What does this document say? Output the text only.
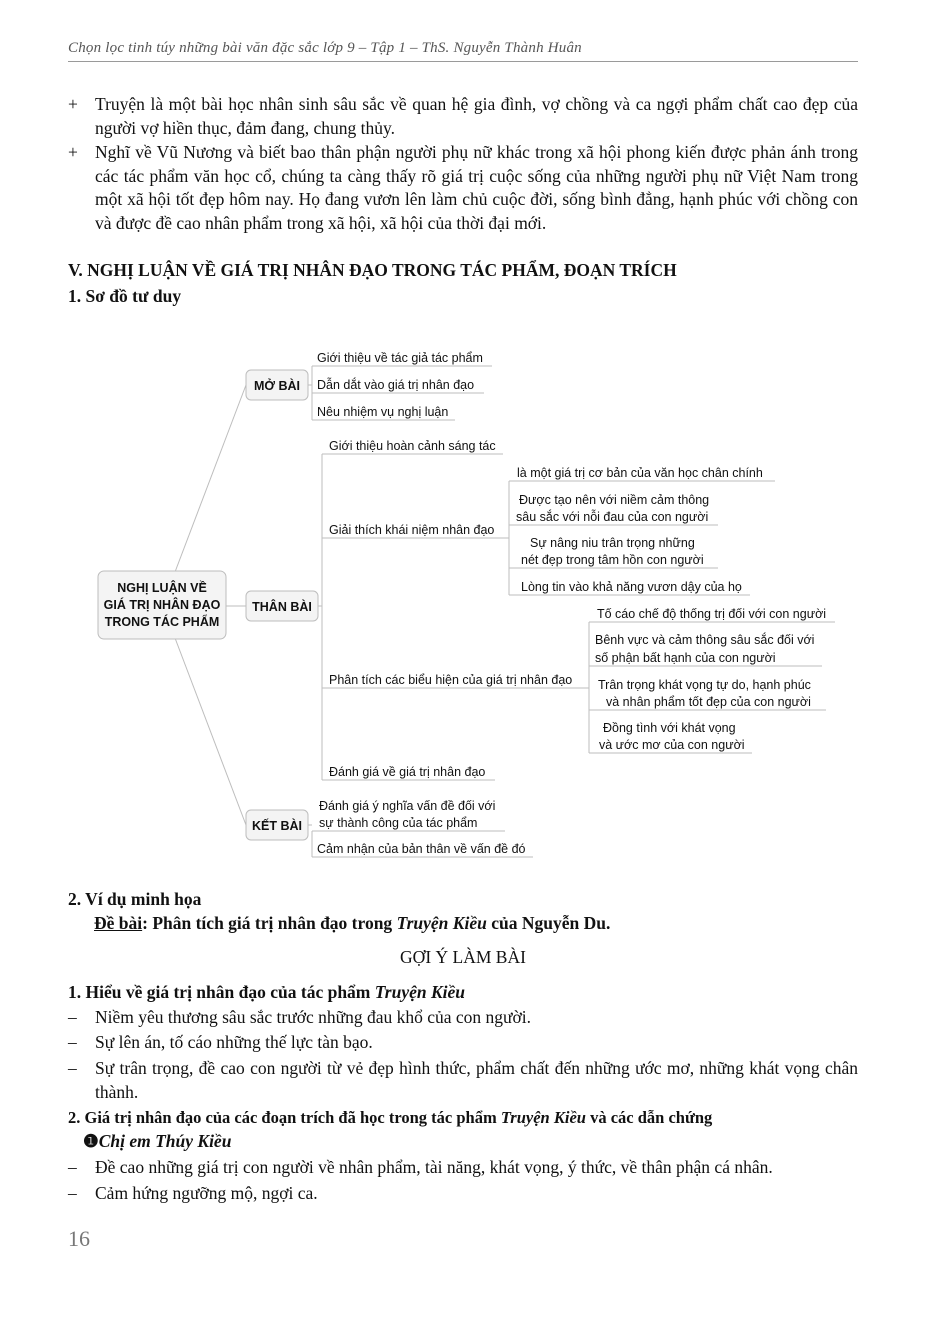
Chọn lọc tinh túy những bài văn đặc sắc lớp 9 – Tập 1 – ThS. Nguyễn Thành Huân
+ Truyện là một bài học nhân sinh sâu sắc về quan hệ gia đình, vợ chồng và ca ngợi phẩm chất cao đẹp của người vợ hiền thục, đảm đang, chung thủy.
+ Nghĩ về Vũ Nương và biết bao thân phận người phụ nữ khác trong xã hội phong kiến được phản ánh trong các tác phẩm văn học cổ, chúng ta càng thấy rõ giá trị cuộc sống của những người phụ nữ Việt Nam trong một xã hội tốt đẹp hôm nay. Họ đang vươn lên làm chủ cuộc đời, sống bình đẳng, hạnh phúc với chồng con và được đề cao nhân phẩm trong xã hội, xã hội của thời đại mới.
V. NGHỊ LUẬN VỀ GIÁ TRỊ NHÂN ĐẠO TRONG TÁC PHẨM, ĐOẠN TRÍCH
1. Sơ đồ tư duy
NGHỊ LUẬN VỀ
GIÁ TRỊ NHÂN ĐẠO
TRONG TÁC PHẨM
MỞ BÀI
THÂN BÀI
KẾT BÀI
Giới thiệu về tác giả tác phẩm
Dẫn dắt vào giá trị nhân đạo
Nêu nhiệm vụ nghị luận
Giới thiệu hoàn cảnh sáng tác
Giải thích khái niệm nhân đạo
Phân tích các biểu hiện của giá trị nhân đạo
Đánh giá về giá trị nhân đạo
là một giá trị cơ bản của văn học chân chính
Được tạo nên với niềm cảm thông
sâu sắc với nỗi đau của con người
Sự nâng niu trân trọng những
nét đẹp trong tâm hồn con người
Lòng tin vào khả năng vươn dậy của họ
Tố cáo chế độ thống trị đối với con người
Bênh vực và cảm thông sâu sắc đối với
số phận bất hạnh của con người
Trân trọng khát vọng tự do, hạnh phúc
và nhân phẩm tốt đẹp của con người
Đồng tình với khát vọng
và ước mơ của con người
Đánh giá ý nghĩa vấn đề đối với
sự thành công của tác phẩm
Cảm nhận của bản thân về vấn đề đó
2. Ví dụ minh họa
Đề bài: Phân tích giá trị nhân đạo trong Truyện Kiều của Nguyễn Du.
GỢI Ý LÀM BÀI
1. Hiểu về giá trị nhân đạo của tác phẩm Truyện Kiều
– Niềm yêu thương sâu sắc trước những đau khổ của con người.
– Sự lên án, tố cáo những thế lực tàn bạo.
– Sự trân trọng, đề cao con người từ vẻ đẹp hình thức, phẩm chất đến những ước mơ, những khát vọng chân thành.
2. Giá trị nhân đạo của các đoạn trích đã học trong tác phẩm Truyện Kiều và các dẫn chứng
❶Chị em Thúy Kiều
– Đề cao những giá trị con người về nhân phẩm, tài năng, khát vọng, ý thức, về thân phận cá nhân.
– Cảm hứng ngưỡng mộ, ngợi ca.
16
